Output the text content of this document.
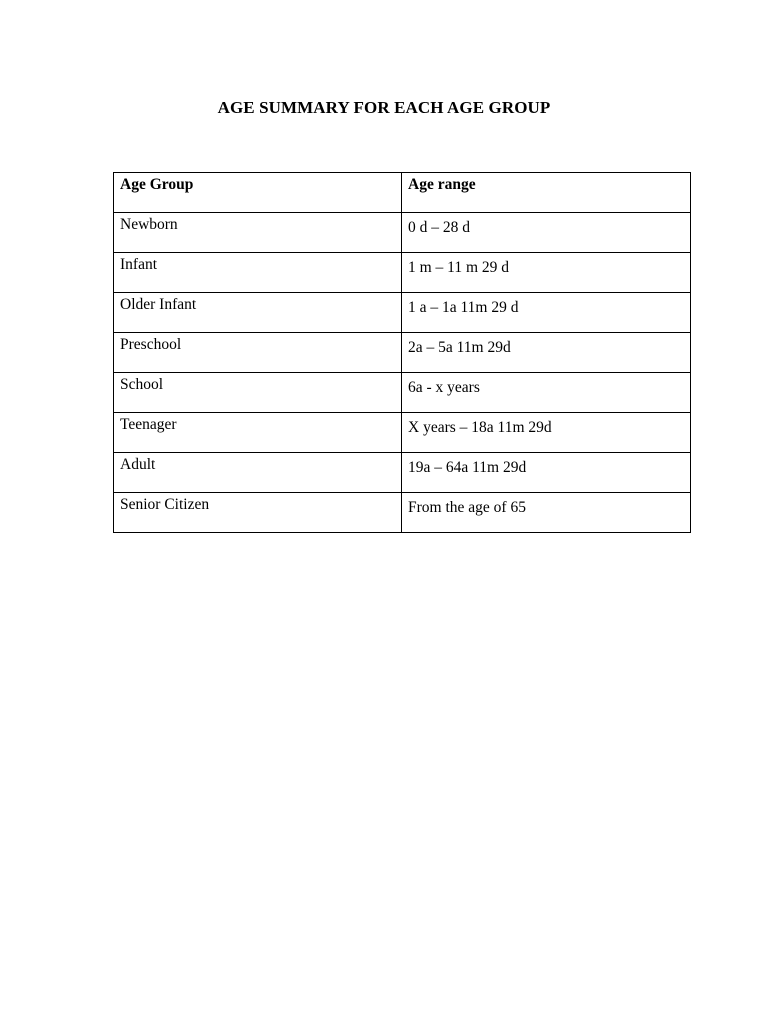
AGE SUMMARY FOR EACH AGE GROUP
Age Group	Age range
Newborn	0 d – 28 d
Infant	1 m – 11 m 29 d
Older Infant	1 a – 1a 11m 29 d
Preschool	2a – 5a 11m 29d
School	6a - x years
Teenager	X years – 18a 11m 29d
Adult	19a – 64a 11m 29d
Senior Citizen	From the age of 65
